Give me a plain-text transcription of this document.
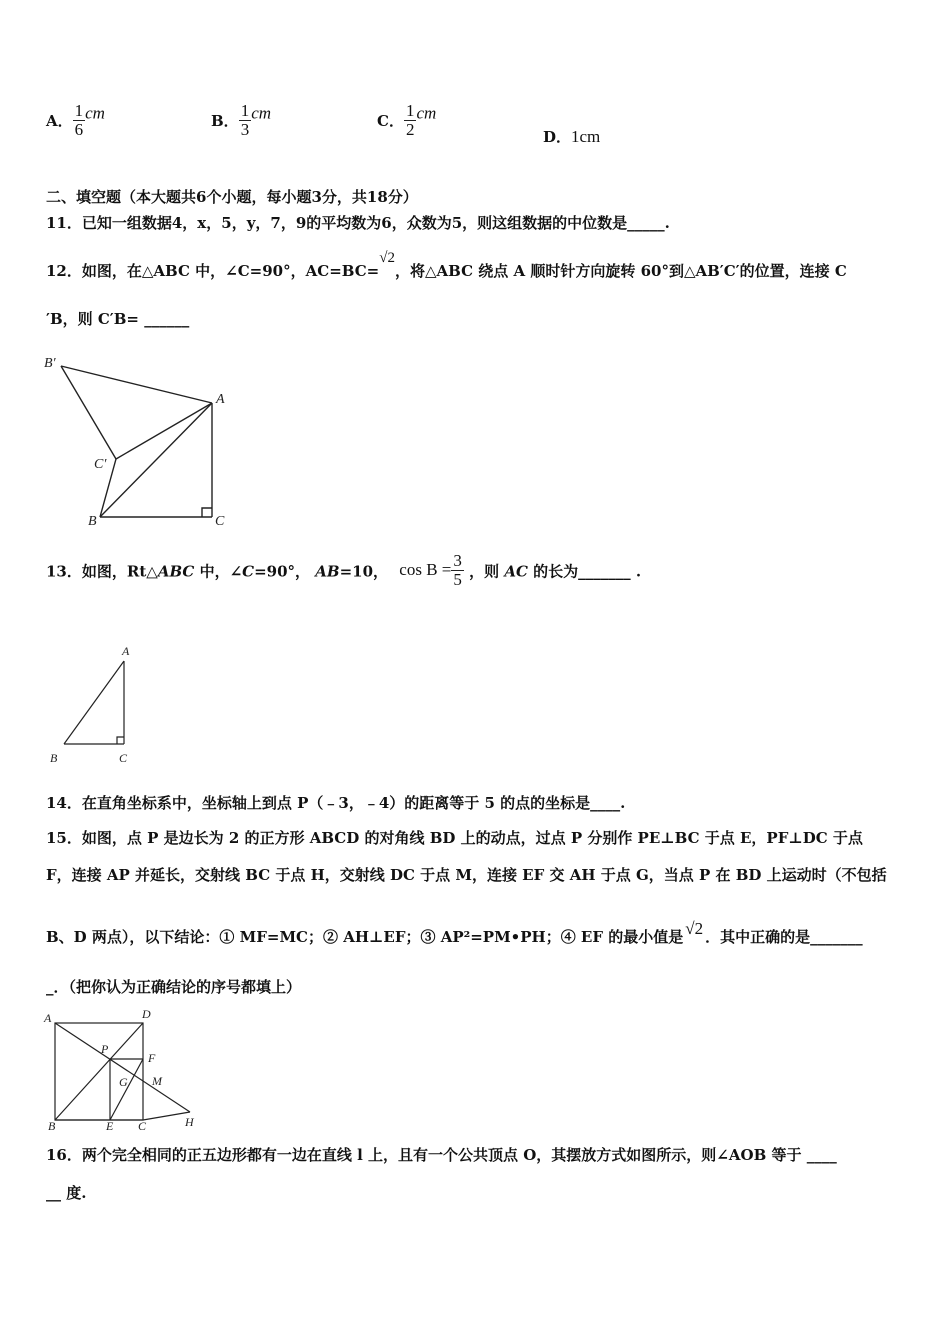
A． $\frac{1}{6}$ cm	B． $\frac{1}{3}$ cm	C． $\frac{1}{2}$ cm
D．1cm
二、填空题（本大题共6个小题，每小题3分，共18分）
11．已知一组数据4，x，5，y，7，9的平均数为6，众数为5，则这组数据的中位数是_____.
12．如图，在△ABC 中，∠C=90°，AC=BC=√2，将△ABC 绕点 A 顺时针方向旋转 60°到△AB′C′的位置，连接 C
′B，则 C′B= ______
B′
A
C′
B	C
13．如图，Rt△ABC 中，∠C=90°， AB=10， $\cos B = \frac{3}{5}$ ，则 AC 的长为_______ .
A
B	C
14．在直角坐标系中，坐标轴上到点 P（﹣3，﹣4）的距离等于 5 的点的坐标是____.
15．如图，点 P 是边长为 2 的正方形 ABCD 的对角线 BD 上的动点，过点 P 分别作 PE⊥BC 于点 E，PF⊥DC 于点
F，连接 AP 并延长，交射线 BC 于点 H，交射线 DC 于点 M，连接 EF 交 AH 于点 G，当点 P 在 BD 上运动时（不包括
B、D 两点），以下结论：① MF=MC；② AH⊥EF；③ AP²=PM•PH；④ EF 的最小值是 √2 ．其中正确的是_______
_．（把你认为正确结论的序号都填上）
A	D
P
F
G M
B	E C	H
16．两个完全相同的正五边形都有一边在直线 l 上，且有一个公共顶点 O，其摆放方式如图所示，则∠AOB 等于 ____
__ 度.
